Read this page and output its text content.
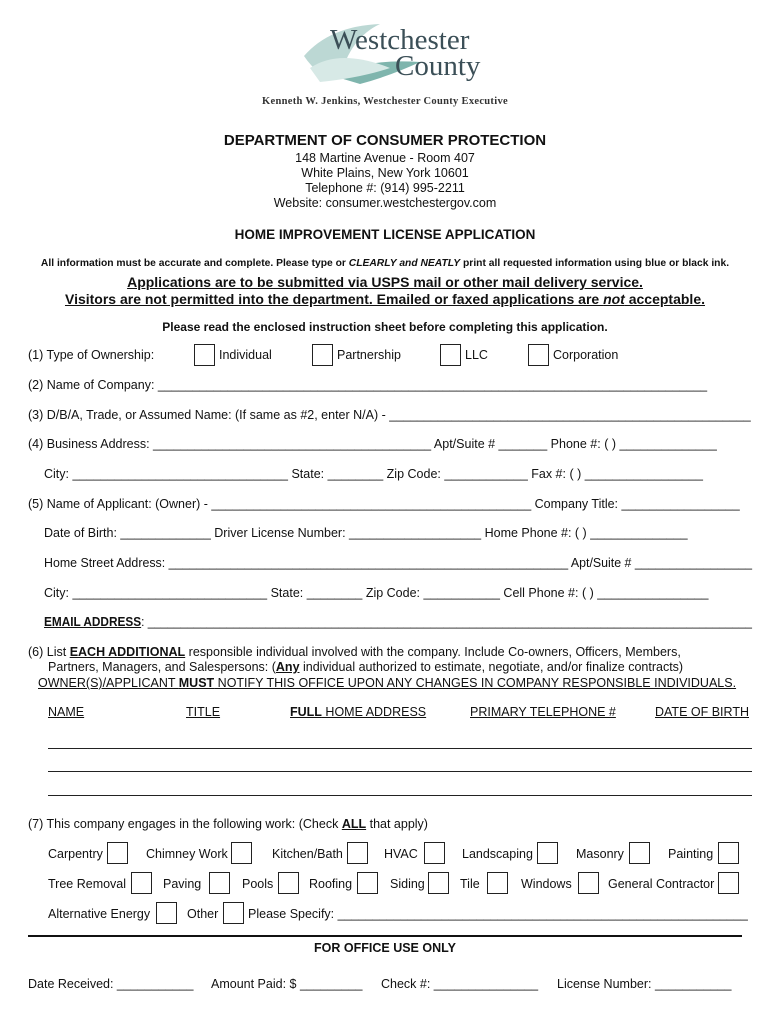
Westchester
County
Kenneth W. Jenkins, Westchester County Executive
DEPARTMENT OF CONSUMER PROTECTION
148 Martine Avenue - Room 407
White Plains, New York 10601
Telephone #: (914) 995-2211
Website: consumer.westchestergov.com
HOME IMPROVEMENT LICENSE APPLICATION
All information must be accurate and complete. Please type or CLEARLY and NEATLY print all requested information using blue or black ink.
Applications are to be submitted via USPS mail or other mail delivery service.
Visitors are not permitted into the department. Emailed or faxed applications are not acceptable.
Please read the enclosed instruction sheet before completing this application.
(1) Type of Ownership:	Individual	Partnership	LLC	Corporation
(2) Name of Company: _______________________________________________________________________________
(3) D/B/A, Trade, or Assumed Name: (If same as #2, enter N/A) - ____________________________________________________
(4) Business Address: ________________________________________ Apt/Suite # _______ Phone #: ( ) ______________
City: _______________________________ State: ________ Zip Code: ____________ Fax #: ( ) _________________
(5) Name of Applicant: (Owner) - ______________________________________________ Company Title: _________________
Date of Birth: _____________ Driver License Number: ___________________ Home Phone #: ( ) ______________
Home Street Address: __________________________________________________________ Apt/Suite # _________________
City: ____________________________ State: ________ Zip Code: ___________ Cell Phone #: ( ) ________________
EMAIL ADDRESS: ____________________________________________________________________________________________
(6) List EACH ADDITIONAL responsible individual involved with the company. Include Co-owners, Officers, Members,
Partners, Managers, and Salespersons: (Any individual authorized to estimate, negotiate, and/or finalize contracts)
OWNER(S)/APPLICANT MUST NOTIFY THIS OFFICE UPON ANY CHANGES IN COMPANY RESPONSIBLE INDIVIDUALS.
NAME	TITLE	FULL HOME ADDRESS	PRIMARY TELEPHONE #	DATE OF BIRTH
(7) This company engages in the following work: (Check ALL that apply)
Carpentry	Chimney Work	Kitchen/Bath	HVAC	Landscaping	Masonry	Painting
Tree Removal	Paving	Pools	Roofing	Siding	Tile	Windows	General Contractor
Alternative Energy	Other Please Specify: ___________________________________________________________
FOR OFFICE USE ONLY
Date Received: ___________ Amount Paid: $ _________ Check #: _______________ License Number: ___________
